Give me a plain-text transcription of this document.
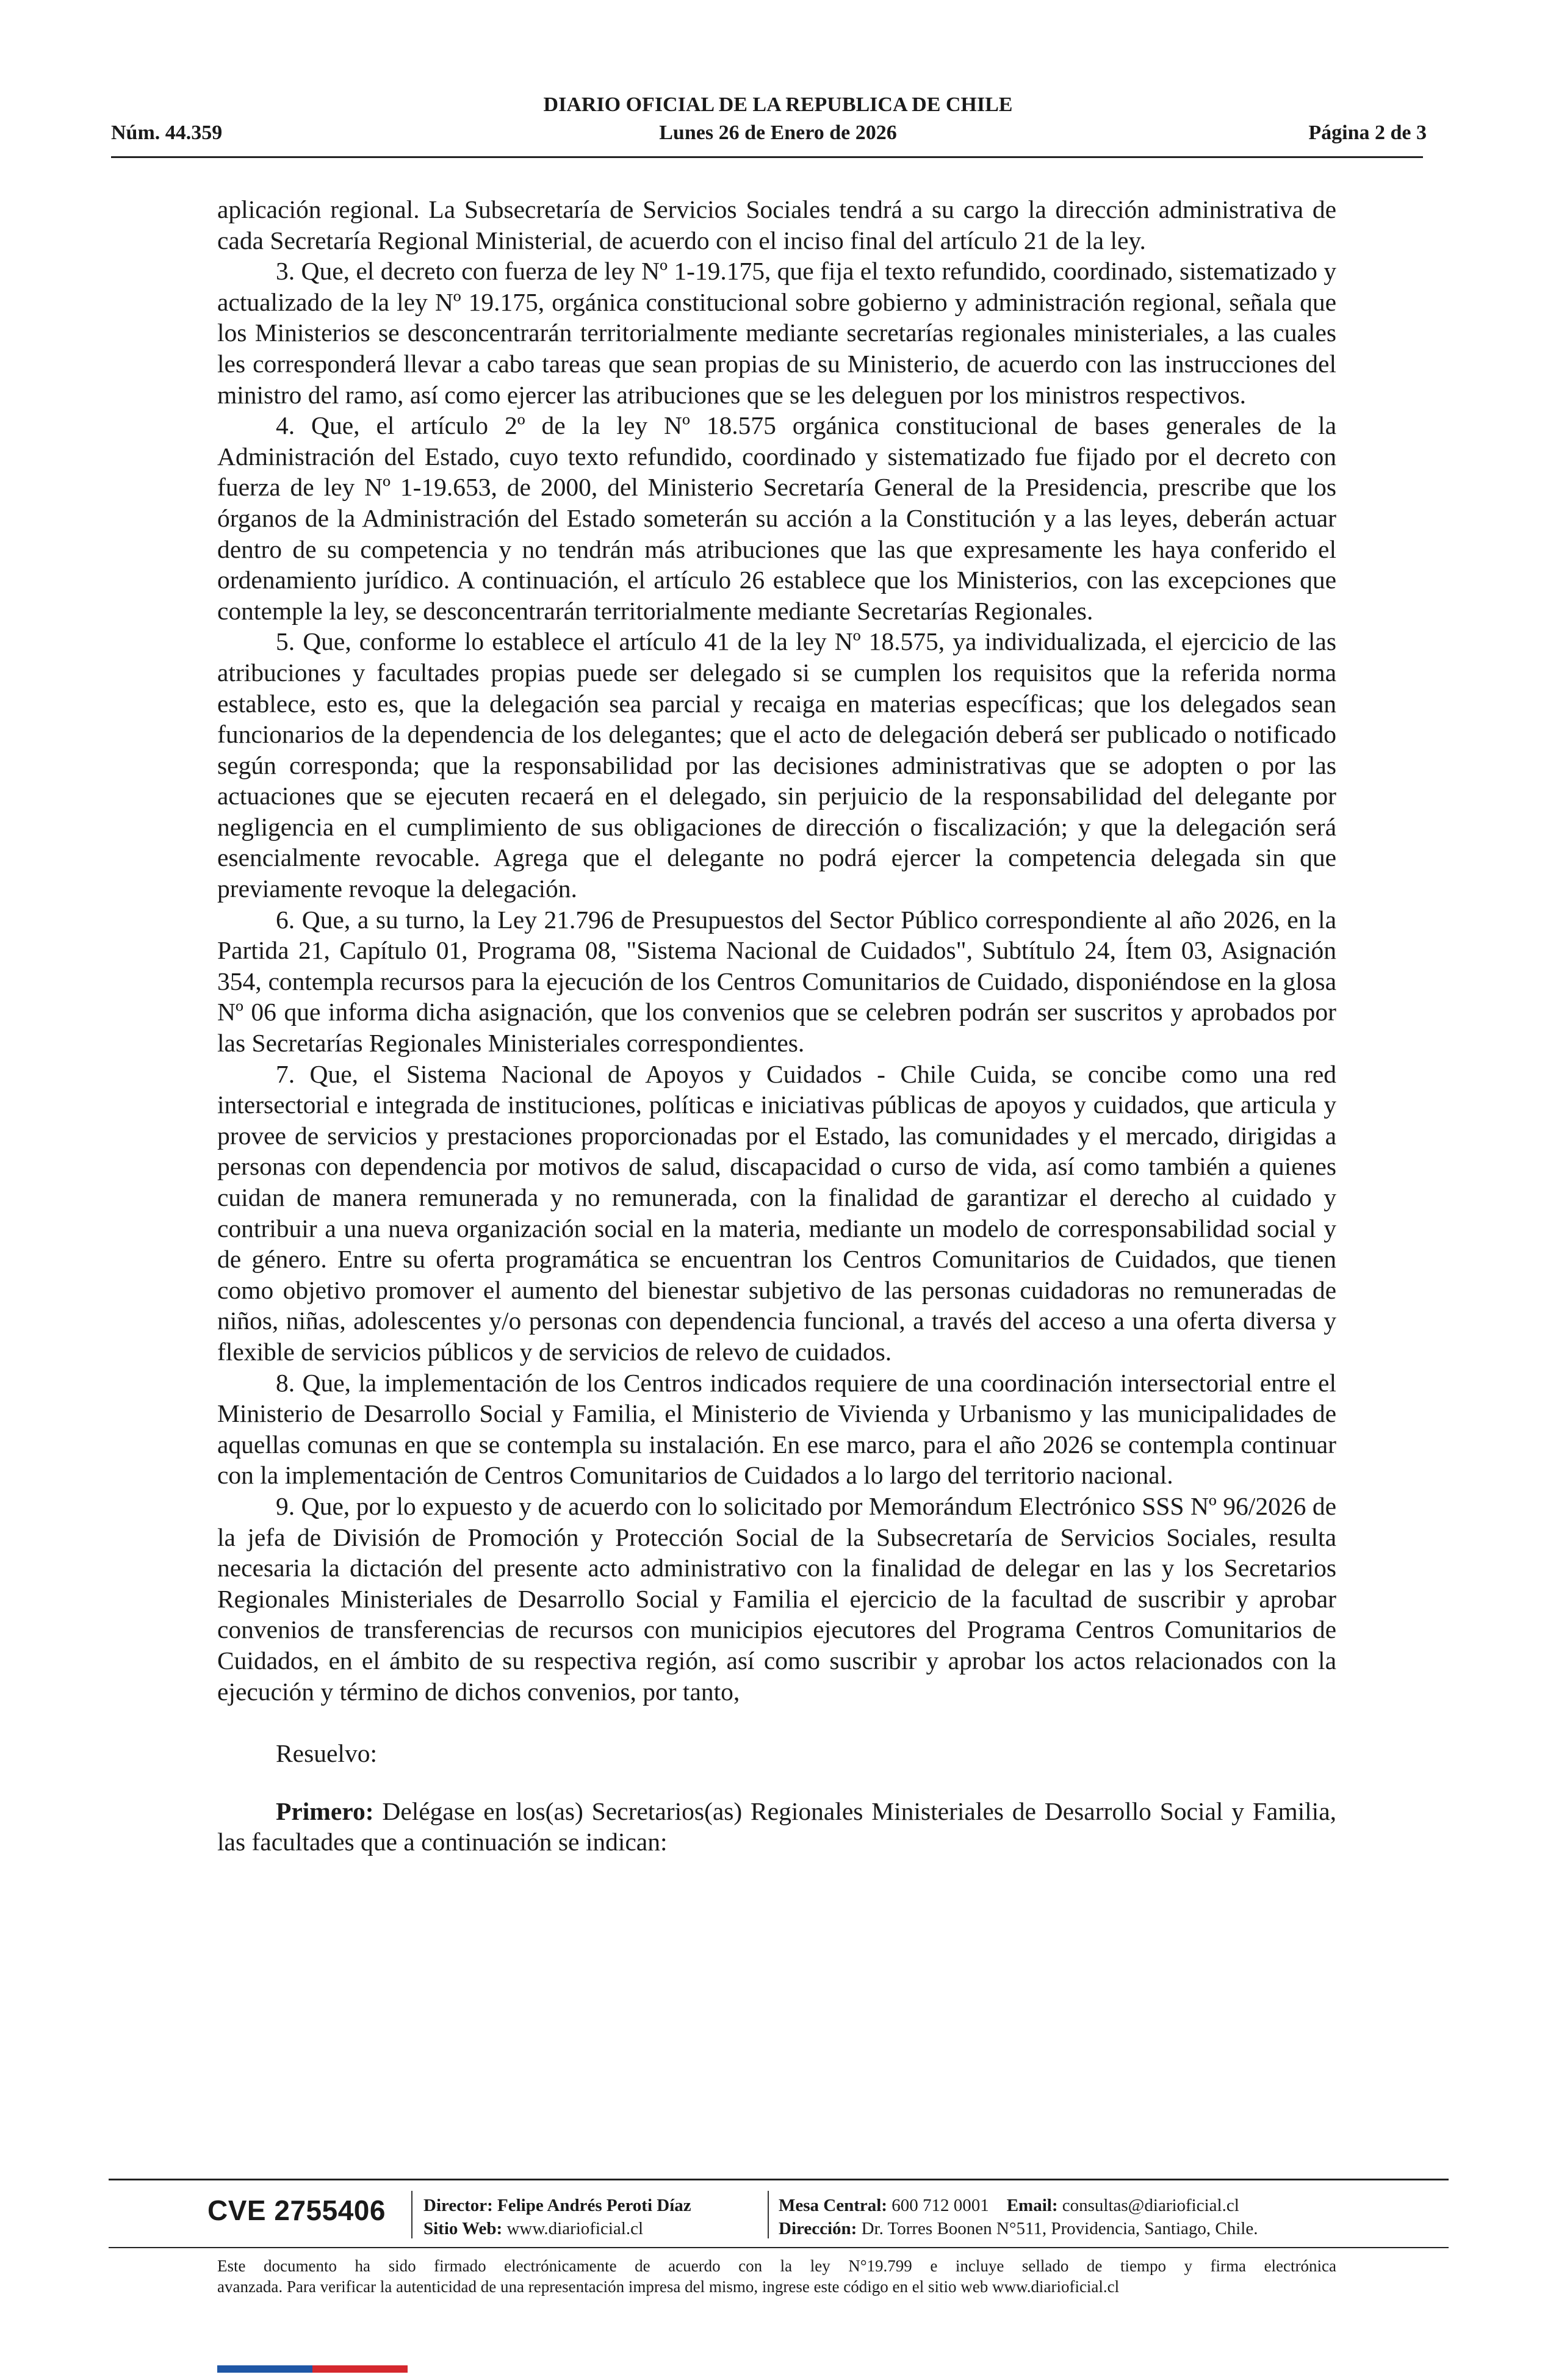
DIARIO OFICIAL DE LA REPUBLICA DE CHILE
Núm. 44.359	Lunes 26 de Enero de 2026	Página 2 de 3

aplicación regional. La Subsecretaría de Servicios Sociales tendrá a su cargo la dirección administrativa de cada Secretaría Regional Ministerial, de acuerdo con el inciso final del artículo 21 de la ley.

3. Que, el decreto con fuerza de ley Nº 1-19.175, que fija el texto refundido, coordinado, sistematizado y actualizado de la ley Nº 19.175, orgánica constitucional sobre gobierno y administración regional, señala que los Ministerios se desconcentrarán territorialmente mediante secretarías regionales ministeriales, a las cuales les corresponderá llevar a cabo tareas que sean propias de su Ministerio, de acuerdo con las instrucciones del ministro del ramo, así como ejercer las atribuciones que se les deleguen por los ministros respectivos.

4. Que, el artículo 2º de la ley Nº 18.575 orgánica constitucional de bases generales de la Administración del Estado, cuyo texto refundido, coordinado y sistematizado fue fijado por el decreto con fuerza de ley Nº 1-19.653, de 2000, del Ministerio Secretaría General de la Presidencia, prescribe que los órganos de la Administración del Estado someterán su acción a la Constitución y a las leyes, deberán actuar dentro de su competencia y no tendrán más atribuciones que las que expresamente les haya conferido el ordenamiento jurídico. A continuación, el artículo 26 establece que los Ministerios, con las excepciones que contemple la ley, se desconcentrarán territorialmente mediante Secretarías Regionales.

5. Que, conforme lo establece el artículo 41 de la ley Nº 18.575, ya individualizada, el ejercicio de las atribuciones y facultades propias puede ser delegado si se cumplen los requisitos que la referida norma establece, esto es, que la delegación sea parcial y recaiga en materias específicas; que los delegados sean funcionarios de la dependencia de los delegantes; que el acto de delegación deberá ser publicado o notificado según corresponda; que la responsabilidad por las decisiones administrativas que se adopten o por las actuaciones que se ejecuten recaerá en el delegado, sin perjuicio de la responsabilidad del delegante por negligencia en el cumplimiento de sus obligaciones de dirección o fiscalización; y que la delegación será esencialmente revocable. Agrega que el delegante no podrá ejercer la competencia delegada sin que previamente revoque la delegación.

6. Que, a su turno, la Ley 21.796 de Presupuestos del Sector Público correspondiente al año 2026, en la Partida 21, Capítulo 01, Programa 08, "Sistema Nacional de Cuidados", Subtítulo 24, Ítem 03, Asignación 354, contempla recursos para la ejecución de los Centros Comunitarios de Cuidado, disponiéndose en la glosa Nº 06 que informa dicha asignación, que los convenios que se celebren podrán ser suscritos y aprobados por las Secretarías Regionales Ministeriales correspondientes.

7. Que, el Sistema Nacional de Apoyos y Cuidados - Chile Cuida, se concibe como una red intersectorial e integrada de instituciones, políticas e iniciativas públicas de apoyos y cuidados, que articula y provee de servicios y prestaciones proporcionadas por el Estado, las comunidades y el mercado, dirigidas a personas con dependencia por motivos de salud, discapacidad o curso de vida, así como también a quienes cuidan de manera remunerada y no remunerada, con la finalidad de garantizar el derecho al cuidado y contribuir a una nueva organización social en la materia, mediante un modelo de corresponsabilidad social y de género. Entre su oferta programática se encuentran los Centros Comunitarios de Cuidados, que tienen como objetivo promover el aumento del bienestar subjetivo de las personas cuidadoras no remuneradas de niños, niñas, adolescentes y/o personas con dependencia funcional, a través del acceso a una oferta diversa y flexible de servicios públicos y de servicios de relevo de cuidados.

8. Que, la implementación de los Centros indicados requiere de una coordinación intersectorial entre el Ministerio de Desarrollo Social y Familia, el Ministerio de Vivienda y Urbanismo y las municipalidades de aquellas comunas en que se contempla su instalación. En ese marco, para el año 2026 se contempla continuar con la implementación de Centros Comunitarios de Cuidados a lo largo del territorio nacional.

9. Que, por lo expuesto y de acuerdo con lo solicitado por Memorándum Electrónico SSS Nº 96/2026 de la jefa de División de Promoción y Protección Social de la Subsecretaría de Servicios Sociales, resulta necesaria la dictación del presente acto administrativo con la finalidad de delegar en las y los Secretarios Regionales Ministeriales de Desarrollo Social y Familia el ejercicio de la facultad de suscribir y aprobar convenios de transferencias de recursos con municipios ejecutores del Programa Centros Comunitarios de Cuidados, en el ámbito de su respectiva región, así como suscribir y aprobar los actos relacionados con la ejecución y término de dichos convenios, por tanto,

Resuelvo:

Primero: Delégase en los(as) Secretarios(as) Regionales Ministeriales de Desarrollo Social y Familia, las facultades que a continuación se indican:

CVE 2755406 Director: Felipe Andrés Peroti Díaz
Sitio Web: www.diarioficial.cl
Mesa Central: 600 712 0001 Email: consultas@diarioficial.cl
Dirección: Dr. Torres Boonen N°511, Providencia, Santiago, Chile.
Este documento ha sido firmado electrónicamente de acuerdo con la ley N°19.799 e incluye sellado de tiempo y firma electrónica
avanzada. Para verificar la autenticidad de una representación impresa del mismo, ingrese este código en el sitio web www.diarioficial.cl
